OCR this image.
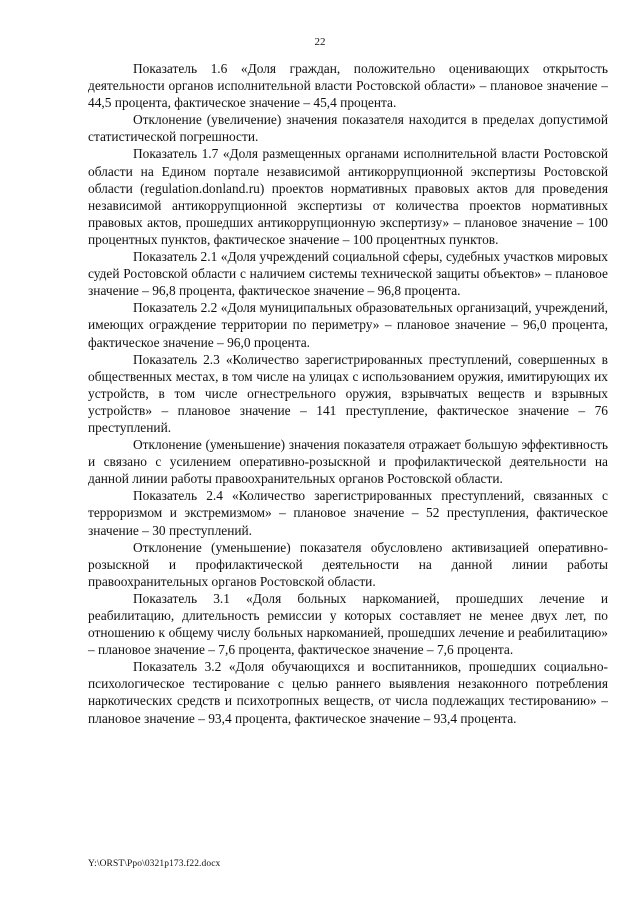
22

Показатель 1.6 «Доля граждан, положительно оценивающих открытость деятельности органов исполнительной власти Ростовской области» – плановое значение – 44,5 процента, фактическое значение – 45,4 процента.

Отклонение (увеличение) значения показателя находится в пределах допустимой статистической погрешности.

Показатель 1.7 «Доля размещенных органами исполнительной власти Ростовской области на Едином портале независимой антикоррупционной экспертизы Ростовской области (regulation.donland.ru) проектов нормативных правовых актов для проведения независимой антикоррупционной экспертизы от количества проектов нормативных правовых актов, прошедших антикоррупционную экспертизу» – плановое значение – 100 процентных пунктов, фактическое значение – 100 процентных пунктов.

Показатель 2.1 «Доля учреждений социальной сферы, судебных участков мировых судей Ростовской области с наличием системы технической защиты объектов» – плановое значение – 96,8 процента, фактическое значение – 96,8 процента.

Показатель 2.2 «Доля муниципальных образовательных организаций, учреждений, имеющих ограждение территории по периметру» – плановое значение – 96,0 процента, фактическое значение – 96,0 процента.

Показатель 2.3 «Количество зарегистрированных преступлений, совершенных в общественных местах, в том числе на улицах с использованием оружия, имитирующих их устройств, в том числе огнестрельного оружия, взрывчатых веществ и взрывных устройств» – плановое значение – 141 преступление, фактическое значение – 76 преступлений.

Отклонение (уменьшение) значения показателя отражает большую эффективность и связано с усилением оперативно-розыскной и профилактической деятельности на данной линии работы правоохранительных органов Ростовской области.

Показатель 2.4 «Количество зарегистрированных преступлений, связанных с терроризмом и экстремизмом» – плановое значение – 52 преступления, фактическое значение – 30 преступлений.

Отклонение (уменьшение) показателя обусловлено активизацией оперативно-розыскной и профилактической деятельности на данной линии работы правоохранительных органов Ростовской области.

Показатель 3.1 «Доля больных наркоманией, прошедших лечение и реабилитацию, длительность ремиссии у которых составляет не менее двух лет, по отношению к общему числу больных наркоманией, прошедших лечение и реабилитацию» – плановое значение – 7,6 процента, фактическое значение – 7,6 процента.

Показатель 3.2 «Доля обучающихся и воспитанников, прошедших социально-психологическое тестирование с целью раннего выявления незаконного потребления наркотических средств и психотропных веществ, от числа подлежащих тестированию» – плановое значение – 93,4 процента, фактическое значение – 93,4 процента.

Y:\ORST\Ppo\0321p173.f22.docx
